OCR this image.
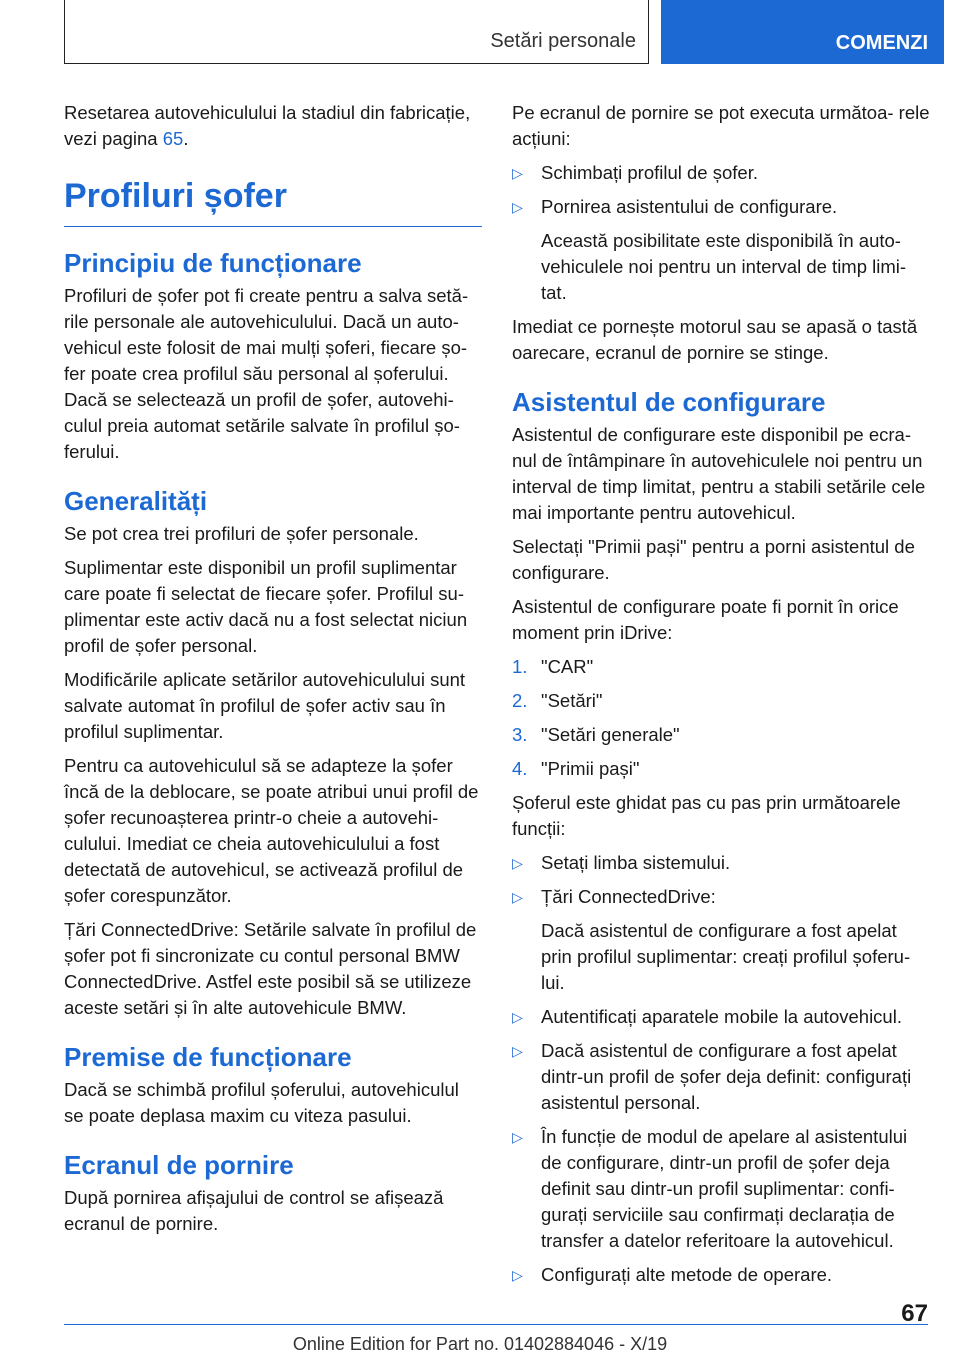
Setări personale	COMENZI

Resetarea autovehiculului la stadiul din fabricație, vezi pagina 65.

Profiluri șofer
Principiu de funcționare

Profiluri de șofer pot fi create pentru a salva setă- rile personale ale autovehiculului. Dacă un auto- vehicul este folosit de mai mulți șoferi, fiecare șo- fer poate crea profilul său personal al șoferului. Dacă se selectează un profil de șofer, autovehi- culul preia automat setările salvate în profilul șo- ferului.

Generalități

Se pot crea trei profiluri de șofer personale.

Suplimentar este disponibil un profil suplimentar care poate fi selectat de fiecare șofer. Profilul su- plimentar este activ dacă nu a fost selectat niciun profil de șofer personal.

Modificările aplicate setărilor autovehiculului sunt salvate automat în profilul de șofer activ sau în profilul suplimentar.

Pentru ca autovehiculul să se adapteze la șofer încă de la deblocare, se poate atribui unui profil de șofer recunoașterea printr-o cheie a autovehi- culului. Imediat ce cheia autovehiculului a fost detectată de autovehicul, se activează profilul de șofer corespunzător.

Țări ConnectedDrive: Setările salvate în profilul de șofer pot fi sincronizate cu contul personal BMW ConnectedDrive. Astfel este posibil să se utilizeze aceste setări și în alte autovehicule BMW.

Premise de funcționare

Dacă se schimbă profilul șoferului, autovehiculul se poate deplasa maxim cu viteza pasului.

Ecranul de pornire

După pornirea afișajului de control se afișează ecranul de pornire.

Pe ecranul de pornire se pot executa următoa- rele acțiuni:

▷ Schimbați profilul de șofer.
▷ Pornirea asistentului de configurare.
Această posibilitate este disponibilă în auto- vehiculele noi pentru un interval de timp limi- tat.

Imediat ce pornește motorul sau se apasă o tastă oarecare, ecranul de pornire se stinge.

Asistentul de configurare

Asistentul de configurare este disponibil pe ecra- nul de întâmpinare în autovehiculele noi pentru un interval de timp limitat, pentru a stabili setările cele mai importante pentru autovehicul.

Selectați "Primii pași" pentru a porni asistentul de configurare.

Asistentul de configurare poate fi pornit în orice moment prin iDrive:

1. "CAR"
2. "Setări"
3. "Setări generale"
4. "Primii pași"

Șoferul este ghidat pas cu pas prin următoarele funcții:

▷ Setați limba sistemului.
▷ Țări ConnectedDrive:
Dacă asistentul de configurare a fost apelat prin profilul suplimentar: creați profilul șoferu- lui.
▷ Autentificați aparatele mobile la autovehicul.
▷ Dacă asistentul de configurare a fost apelat dintr-un profil de șofer deja definit: configurați asistentul personal.
▷ În funcție de modul de apelare al asistentului de configurare, dintr-un profil de șofer deja definit sau dintr-un profil suplimentar: confi- gurați serviciile sau confirmați declarația de transfer a datelor referitoare la autovehicul.
▷ Configurați alte metode de operare.
67
Online Edition for Part no. 01402884046 - X/19
